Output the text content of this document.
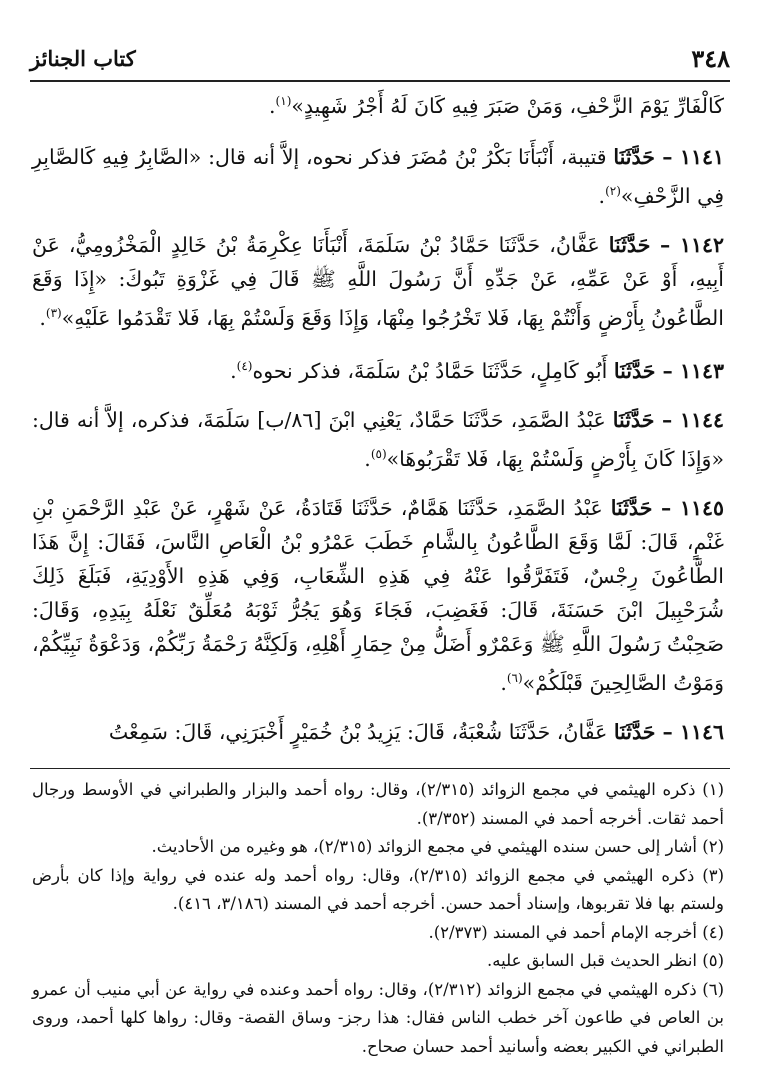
٣٤٨
كتاب الجنائز

كَالْفَارِّ يَوْمَ الزَّحْفِ، وَمَنْ صَبَرَ فِيهِ كَانَ لَهُ أَجْرُ شَهِيدٍ»$^{(١)}$.

١١٤١ – حَدَّثَنَا قتيبة، أَنْبَأَنَا بَكْرُ بْنُ مُضَرَ فذكر نحوه، إلاَّ أنه قال: «الصَّابِرُ فِيهِ كَالصَّابِرِ فِي الزَّحْفِ»$^{(٢)}$.

١١٤٢ – حَدَّثَنَا عَفَّانُ، حَدَّثَنَا حَمَّادُ بْنُ سَلَمَةَ، أَنْبَأَنَا عِكْرِمَةُ بْنُ خَالِدٍ الْمَخْزُومِيُّ، عَنْ أَبِيهِ، أَوْ عَنْ عَمِّهِ، عَنْ جَدِّهِ أَنَّ رَسُولَ اللَّهِ ﷺ قَالَ فِي غَزْوَةِ تَبُوكَ: «إِذَا وَقَعَ الطَّاعُونُ بِأَرْضٍ وَأَنْتُمْ بِهَا، فَلا تَخْرُجُوا مِنْهَا، وَإِذَا وَقَعَ وَلَسْتُمْ بِهَا، فَلا تَقْدَمُوا عَلَيْهِ»$^{(٣)}$.

١١٤٣ – حَدَّثَنَا أَبُو كَامِلٍ، حَدَّثَنَا حَمَّادُ بْنُ سَلَمَةَ، فذكر نحوه$^{(٤)}$.

١١٤٤ – حَدَّثَنَا عَبْدُ الصَّمَدِ، حَدَّثَنَا حَمَّادٌ، يَعْنِي ابْنَ [٨٦/ب] سَلَمَةَ، فذكره، إلاَّ أنه قال: «وَإِذَا كَانَ بِأَرْضٍ وَلَسْتُمْ بِهَا، فَلا تَقْرَبُوهَا»$^{(٥)}$.

١١٤٥ – حَدَّثَنَا عَبْدُ الصَّمَدِ، حَدَّثَنَا هَمَّامٌ، حَدَّثَنَا قَتَادَةُ، عَنْ شَهْرٍ، عَنْ عَبْدِ الرَّحْمَنِ بْنِ غَنْمٍ، قَالَ: لَمَّا وَقَعَ الطَّاعُونُ بِالشَّامِ خَطَبَ عَمْرُو بْنُ الْعَاصِ النَّاسَ، فَقَالَ: إِنَّ هَذَا الطَّاعُونَ رِجْسٌ، فَتَفَرَّقُوا عَنْهُ فِي هَذِهِ الشِّعَابِ، وَفِي هَذِهِ الأَوْدِيَةِ، فَبَلَغَ ذَلِكَ شُرَحْبِيلَ ابْنَ حَسَنَةَ، قَالَ: فَغَضِبَ، فَجَاءَ وَهُوَ يَجُرُّ ثَوْبَهُ مُعَلِّقٌ نَعْلَهُ بِيَدِهِ، وَقَالَ: صَحِبْتُ رَسُولَ اللَّهِ ﷺ وَعَمْرٌو أَضَلُّ مِنْ حِمَارِ أَهْلِهِ، وَلَكِنَّهُ رَحْمَةُ رَبِّكُمْ، وَدَعْوَةُ نَبِيِّكُمْ، وَمَوْتُ الصَّالِحِينَ قَبْلَكُمْ»$^{(٦)}$.

١١٤٦ – حَدَّثَنَا عَفَّانُ، حَدَّثَنَا شُعْبَةُ، قَالَ: يَزِيدُ بْنُ خُمَيْرٍ أَخْبَرَنِي، قَالَ: سَمِعْتُ

(١) ذكره الهيثمي في مجمع الزوائد (٢/٣١٥)، وقال: رواه أحمد والبزار والطبراني في الأوسط ورجال أحمد ثقات. أخرجه أحمد في المسند (٣/٣٥٢).

(٢) أشار إلى حسن سنده الهيثمي في مجمع الزوائد (٢/٣١٥)، هو وغيره من الأحاديث.

(٣) ذكره الهيثمي في مجمع الزوائد (٢/٣١٥)، وقال: رواه أحمد وله عنده في رواية وإذا كان بأرض ولستم بها فلا تقربوها، وإسناد أحمد حسن. أخرجه أحمد في المسند (٣/١٨٦، ٤١٦).

(٤) أخرجه الإمام أحمد في المسند (٢/٣٧٣).

(٥) انظر الحديث قبل السابق عليه.

(٦) ذكره الهيثمي في مجمع الزوائد (٢/٣١٢)، وقال: رواه أحمد وعنده في رواية عن أبي منيب أن عمرو بن العاص في طاعون آخر خطب الناس فقال: هذا رجز- وساق القصة- وقال: رواها كلها أحمد، وروى الطبراني في الكبير بعضه وأسانيد أحمد حسان صحاح.
